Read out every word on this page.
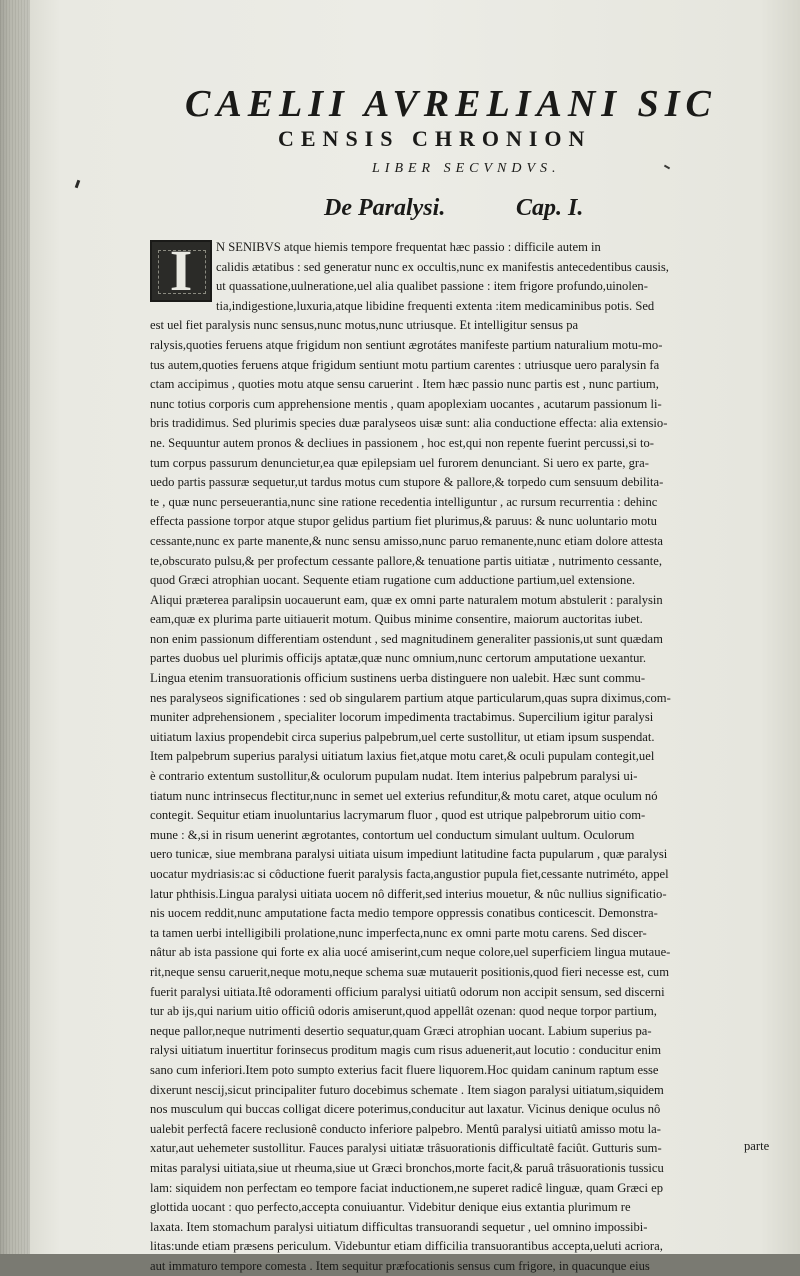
CAELII AVRELIANI SIC
CENSIS CHRONION
LIBER SECVNDVS.
De Paralysi.	Cap. I.
I	N SENIBVS atque hiemis tempore frequentat hæc passio : difficile autem in
calidis ætatibus : sed generatur nunc ex occultis,nunc ex manifestis antecedentibus causis,
ut quassatione,uulneratione,uel alia qualibet passione : item frigore profundo,uinolen-
tia,indigestione,luxuria,atque libidine frequenti extenta :item medicaminibus potis. Sed
est uel fiet paralysis nunc sensus,nunc motus,nunc utriusque. Et intelligitur sensus pa
ralysis,quoties feruens atque frigidum non sentiunt ægrotátes manifeste partium naturalium motu-mo-
tus autem,quoties feruens atque frigidum sentiunt motu partium carentes : utriusque uero paralysin fa
ctam accipimus , quoties motu atque sensu caruerint . Item hæc passio nunc partis est , nunc partium,
nunc totius corporis cum apprehensione mentis , quam apoplexiam uocantes , acutarum passionum li-
bris tradidimus. Sed plurimis species duæ paralyseos uisæ sunt: alia conductione effecta: alia extensio-
ne. Sequuntur autem pronos & decliues in passionem , hoc est,qui non repente fuerint percussi,si to-
tum corpus passurum denuncietur,ea quæ epilepsiam uel furorem denunciant. Si uero ex parte, gra-
uedo partis passuræ sequetur,ut tardus motus cum stupore & pallore,& torpedo cum sensuum debilita-
te , quæ nunc perseuerantia,nunc sine ratione recedentia intelliguntur , ac rursum recurrentia : dehinc
effecta passione torpor atque stupor gelidus partium fiet plurimus,& paruus: & nunc uoluntario motu
cessante,nunc ex parte manente,& nunc sensu amisso,nunc paruo remanente,nunc etiam dolore attesta
te,obscurato pulsu,& per profectum cessante pallore,& tenuatione partis uitiatæ , nutrimento cessante,
quod Græci atrophian uocant. Sequente etiam rugatione cum adductione partium,uel extensione.
Aliqui præterea paralipsin uocauerunt eam, quæ ex omni parte naturalem motum abstulerit : paralysin
eam,quæ ex plurima parte uitiauerit motum. Quibus minime consentire, maiorum auctoritas iubet.
non enim passionum differentiam ostendunt , sed magnitudinem generaliter passionis,ut sunt quædam
partes duobus uel plurimis officijs aptatæ,quæ nunc omnium,nunc certorum amputatione uexantur.
Lingua etenim transuorationis officium sustinens uerba distinguere non ualebit. Hæc sunt commu-
nes paralyseos significationes : sed ob singularem partium atque particularum,quas supra diximus,com-
muniter adprehensionem , specialiter locorum impedimenta tractabimus. Supercilium igitur paralysi
uitiatum laxius propendebit circa superius palpebrum,uel certe sustollitur, ut etiam ipsum suspendat.
Item palpebrum superius paralysi uitiatum laxius fiet,atque motu caret,& oculi pupulam contegit,uel
è contrario extentum sustollitur,& oculorum pupulam nudat. Item interius palpebrum paralysi ui-
tiatum nunc intrinsecus flectitur,nunc in semet uel exterius refunditur,& motu caret, atque oculum nó
contegit. Sequitur etiam inuoluntarius lacrymarum fluor , quod est utrique palpebrorum uitio com-
mune : &,si in risum uenerint ægrotantes, contortum uel conductum simulant uultum. Oculorum
uero tunicæ, siue membrana paralysi uitiata uisum impediunt latitudine facta pupularum , quæ paralysi
uocatur mydriasis:ac si côductione fuerit paralysis facta,angustior pupula fiet,cessante nutriméto, appel
latur phthisis.Lingua paralysi uitiata uocem nô differit,sed interius mouetur, & nûc nullius significatio-
nis uocem reddit,nunc amputatione facta medio tempore oppressis conatibus conticescit. Demonstra-
ta tamen uerbi intelligibili prolatione,nunc imperfecta,nunc ex omni parte motu carens. Sed discer-
nâtur ab ista passione qui forte ex alia uocé amiserint,cum neque colore,uel superficiem lingua mutaue-
rit,neque sensu caruerit,neque motu,neque schema suæ mutauerit positionis,quod fieri necesse est, cum
fuerit paralysi uitiata.Itê odoramenti officium paralysi uitiatû odorum non accipit sensum, sed discerni
tur ab ijs,qui narium uitio officiû odoris amiserunt,quod appellât ozenan: quod neque torpor partium,
neque pallor,neque nutrimenti desertio sequatur,quam Græci atrophian uocant. Labium superius pa-
ralysi uitiatum inuertitur forinsecus proditum magis cum risus aduenerit,aut locutio : conducitur enim
sano cum inferiori.Item poto sumpto exterius facit fluere liquorem.Hoc quidam caninum raptum esse
dixerunt nescij,sicut principaliter futuro docebimus schemate . Item siagon paralysi uitiatum,siquidem
nos musculum qui buccas colligat dicere poterimus,conducitur aut laxatur. Vicinus denique oculus nô
ualebit perfectâ facere reclusionê conducto inferiore palpebro. Mentû paralysi uitiatû amisso motu la-
xatur,aut uehemeter sustollitur. Fauces paralysi uitiatæ trâsuorationis difficultatê faciût. Gutturis sum-
mitas paralysi uitiata,siue ut rheuma,siue ut Græci bronchos,morte facit,& paruâ trâsuorationis tussicu
lam: siquidem non perfectam eo tempore faciat inductionem,ne superet radicê linguæ, quam Græci ep
glottida uocant : quo perfecto,accepta conuiuantur. Videbitur denique eius extantia plurimum re
laxata. Item stomachum paralysi uitiatum difficultas transuorandi sequetur , uel omnino impossibi-
litas:unde etiam præsens periculum. Videbuntur etiam difficilia transuorantibus accepta,ueluti acriora,
aut immaturo tempore comesta . Item sequitur præfocationis sensus cum frigore, in quacunque eius
parte
